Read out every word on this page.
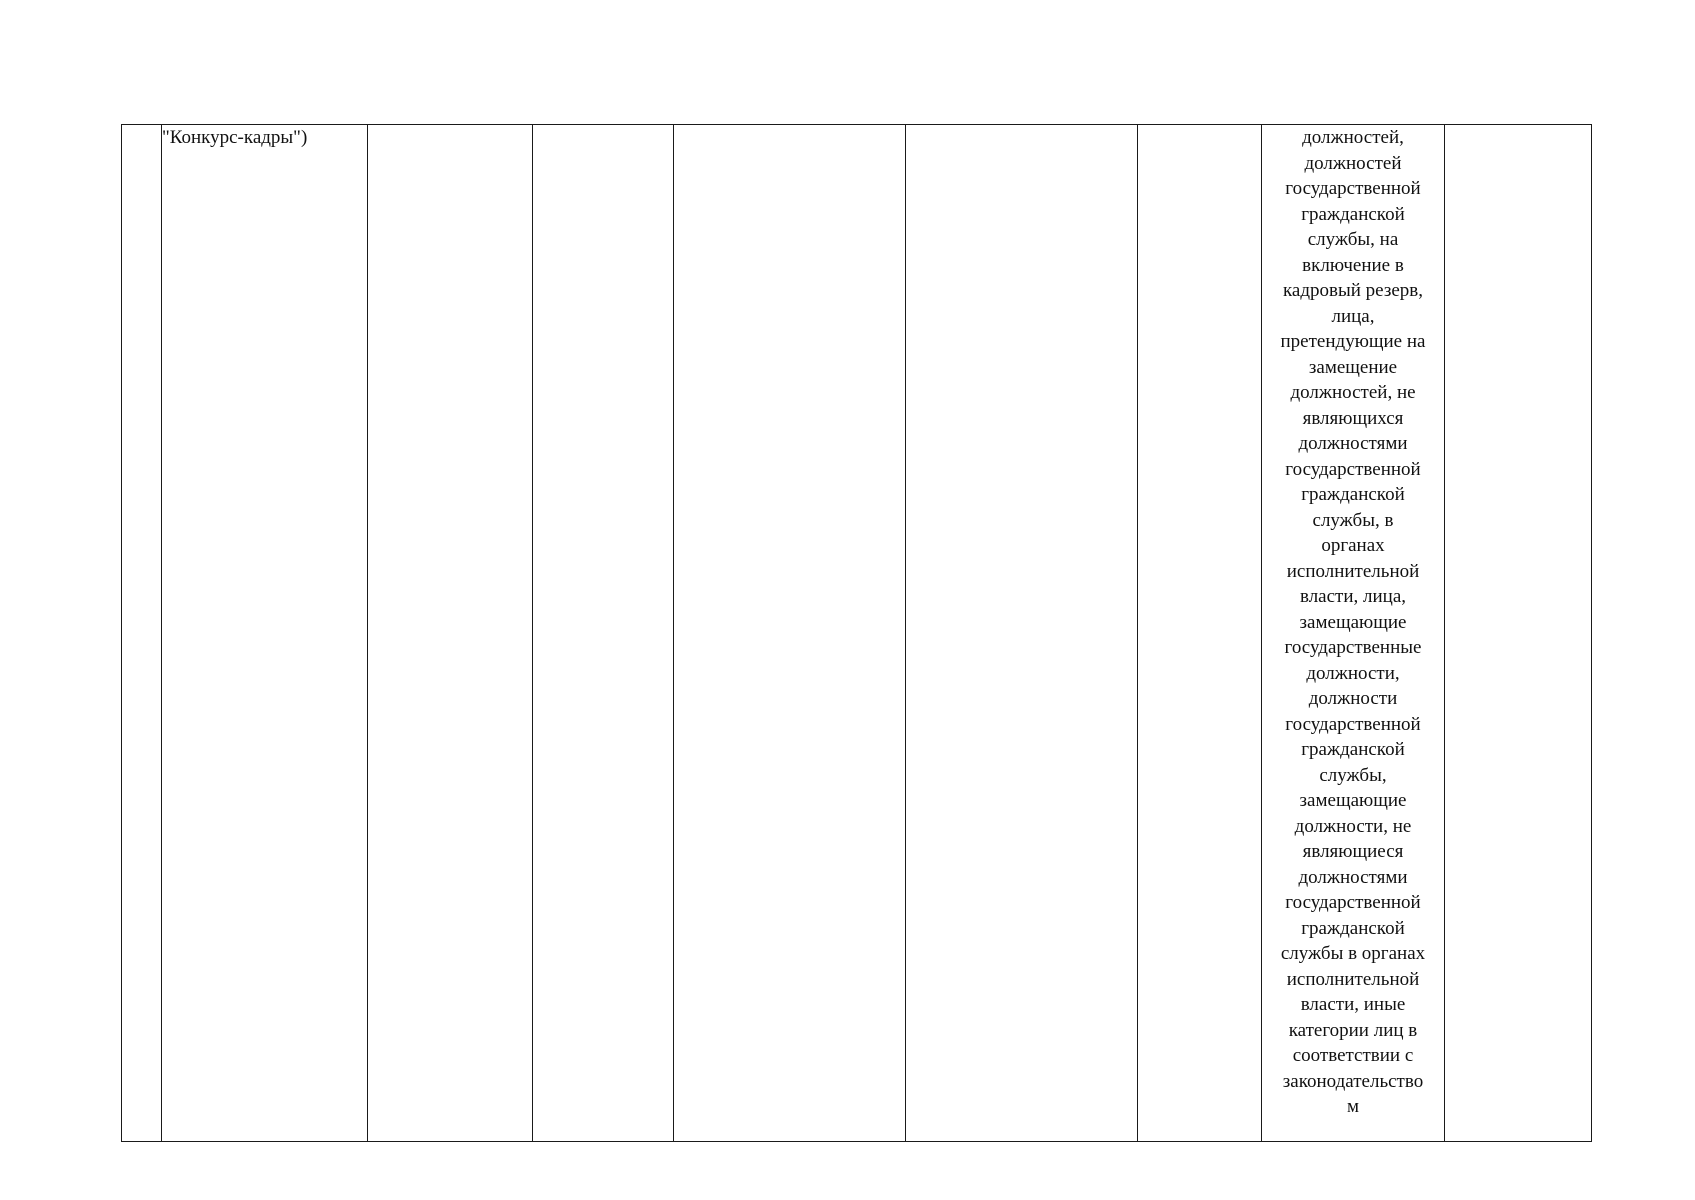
	"Конкурс-кадры")						должностей,
должностей
государственной
гражданской
службы, на
включение в
кадровый резерв,
лица,
претендующие на
замещение
должностей, не
являющихся
должностями
государственной
гражданской
службы, в
органах
исполнительной
власти, лица,
замещающие
государственные
должности,
должности
государственной
гражданской
службы,
замещающие
должности, не
являющиеся
должностями
государственной
гражданской
службы в органах
исполнительной
власти, иные
категории лиц в
соответствии с
законодательство
м
